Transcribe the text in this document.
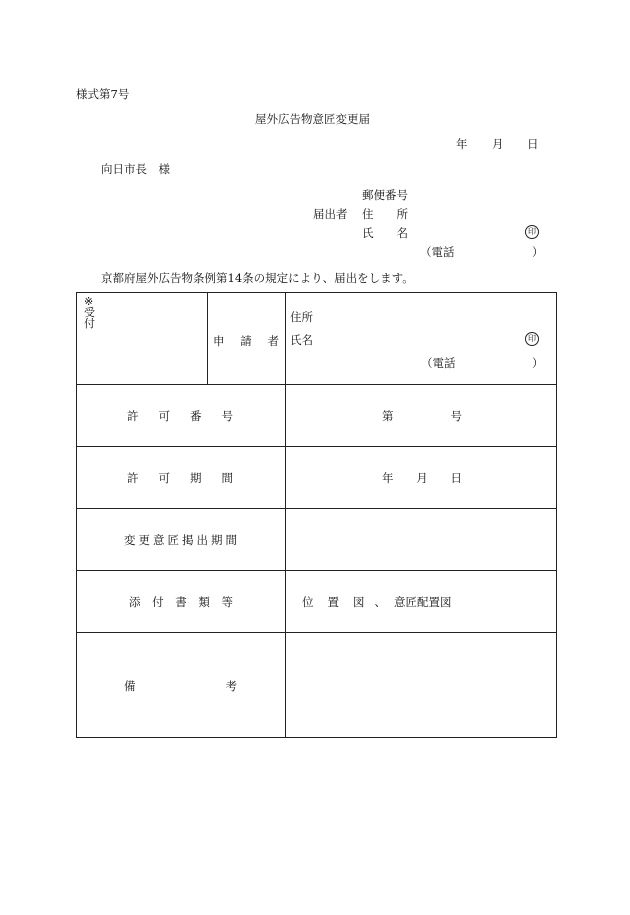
様式第7号
屋外広告物意匠変更届
年 月 日
向日市長　様
郵便番号
届出者 住 所
氏 名	印
（電話	）
京都府屋外広告物条例第14条の規定により、届出をします。
※
受
付
申 請 者
住所
氏名	印
（電話	）
許 可 番 号	第	号
許 可 期 間	年 月 日
変 更 意 匠 掲 出 期 間
添 付 書 類 等	位 置 図 、 意匠配置図
備	考
